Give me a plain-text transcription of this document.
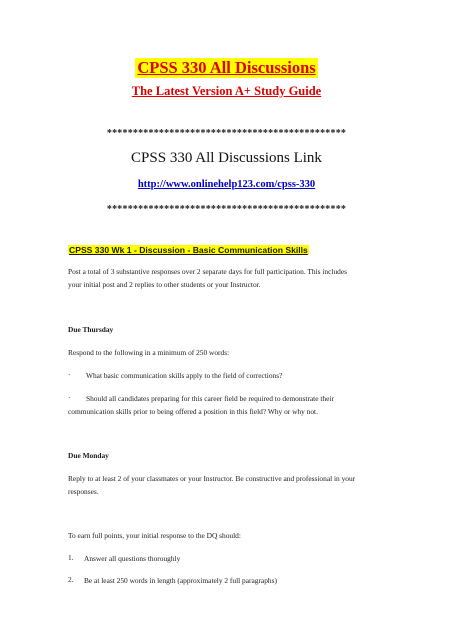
CPSS 330 All Discussions
The Latest Version A+ Study Guide
**********************************************
CPSS 330 All Discussions Link
http://www.onlinehelp123.com/cpss-330
**********************************************
CPSS 330 Wk 1 - Discussion - Basic Communication Skills
Post a total of 3 substantive responses over 2 separate days for full participation. This includes
your initial post and 2 replies to other students or your Instructor.
Due Thursday
Respond to the following in a minimum of 250 words:
· What basic communication skills apply to the field of corrections?
· Should all candidates preparing for this career field be required to demonstrate their
communication skills prior to being offered a position in this field? Why or why not.
Due Monday
Reply to at least 2 of your classmates or your Instructor. Be constructive and professional in your
responses.
To earn full points, your initial response to the DQ should:
1. Answer all questions thoroughly
2. Be at least 250 words in length (approximately 2 full paragraphs)
